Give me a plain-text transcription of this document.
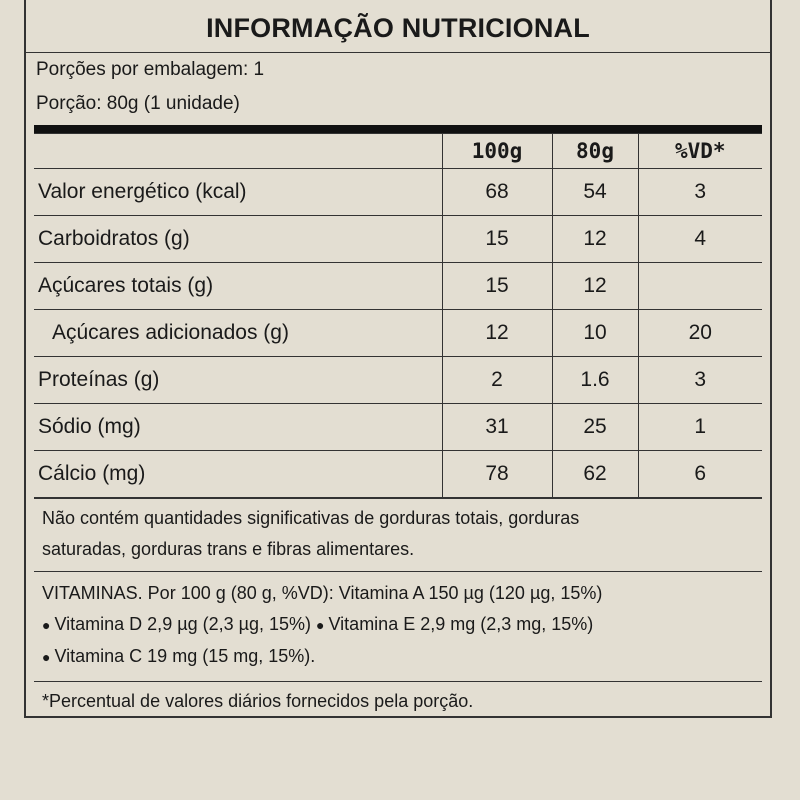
INFORMAÇÃO NUTRICIONAL
Porções por embalagem: 1
Porção: 80g (1 unidade)
	100g	80g	%VD*
Valor energético (kcal)	68	54	3
Carboidratos (g)	15	12	4
Açúcares totais (g)	15	12	
Açúcares adicionados (g)	12	10	20
Proteínas (g)	2	1.6	3
Sódio (mg)	31	25	1
Cálcio (mg)	78	62	6
Não contém quantidades significativas de gorduras totais, gorduras
saturadas, gorduras trans e fibras alimentares.
VITAMINAS. Por 100 g (80 g, %VD): Vitamina A 150 µg (120 µg, 15%)
● Vitamina D 2,9 µg (2,3 µg, 15%) ● Vitamina E 2,9 mg (2,3 mg, 15%)
● Vitamina C 19 mg (15 mg, 15%).
*Percentual de valores diários fornecidos pela porção.
